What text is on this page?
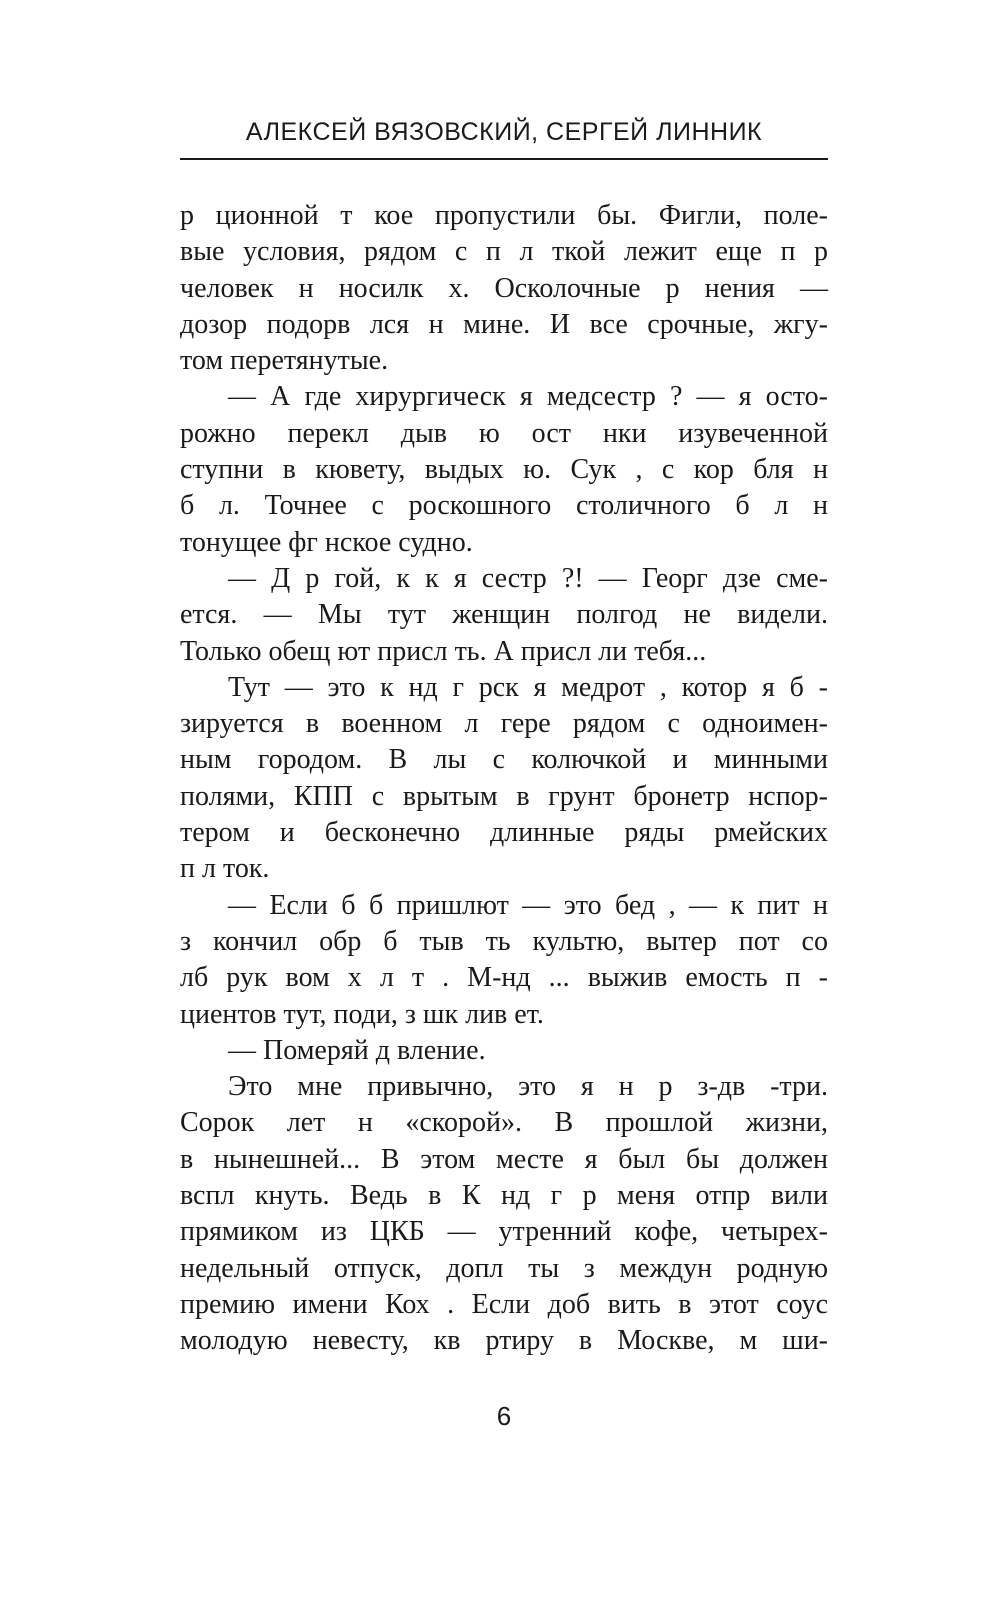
АЛЕКСЕЙ ВЯЗОВСКИЙ, СЕРГЕЙ ЛИННИК
р ционной т кое пропустили бы. Фигли, поле-
вые условия, рядом с п л ткой лежит еще п р
человек н носилк х. Осколочные р нения —
дозор подорв лся н мине. И все срочные, жгу-
том перетянутые.
— А где хирургическ я медсестр ? — я осто-
рожно перекл дыв ю ост нки изувеченной
ступни в кювету, выдых ю. Сук , с кор бля н
б л. Точнее с роскошного столичного б л н
тонущее фг нское судно.
— Д р гой, к к я сестр ?! — Георг дзе сме-
ется. — Мы тут женщин полгод не видели.
Только обещ ют присл ть. А присл ли тебя...
Тут — это к нд г рск я медрот , котор я б -
зируется в военном л гере рядом с одноимен-
ным городом. В лы с колючкой и минными
полями, КПП с врытым в грунт бронетр нспор-
тером и бесконечно длинные ряды рмейских
п л ток.
— Если б б пришлют — это бед , — к пит н
з кончил обр б тыв ть культю, вытер пот со
лб рук вом х л т . М-нд ... выжив емость п -
циентов тут, поди, з шк лив ет.
— Померяй д вление.
Это мне привычно, это я н р з-дв -три.
Сорок лет н «скорой». В прошлой жизни,
в нынешней... В этом месте я был бы должен
вспл кнуть. Ведь в К нд г р меня отпр вили
прямиком из ЦКБ — утренний кофе, четырех-
недельный отпуск, допл ты з междун родную
премию имени Кох . Если доб вить в этот соус
молодую невесту, кв ртиру в Москве, м ши-
6
